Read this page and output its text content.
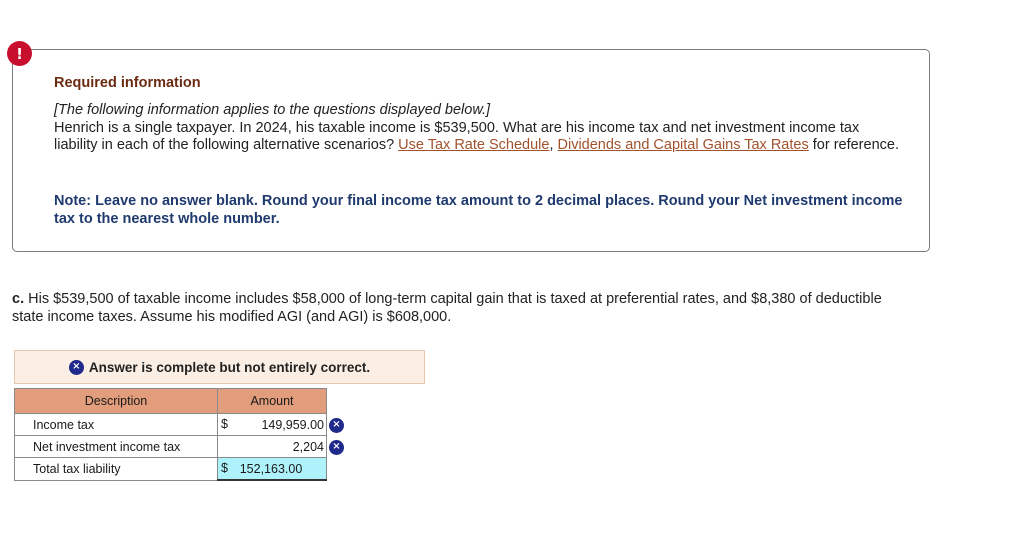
!
Required information
[The following information applies to the questions displayed below.]
Henrich is a single taxpayer. In 2024, his taxable income is $539,500. What are his income tax and net investment income tax liability in each of the following alternative scenarios? Use Tax Rate Schedule, Dividends and Capital Gains Tax Rates for reference.
Note: Leave no answer blank. Round your final income tax amount to 2 decimal places. Round your Net investment income tax to the nearest whole number.
c. His $539,500 of taxable income includes $58,000 of long-term capital gain that is taxed at preferential rates, and $8,380 of deductible state income taxes. Assume his modified AGI (and AGI) is $608,000.
× Answer is complete but not entirely correct.
Description	Amount	
Income tax	$ 149,959.00	×
Net investment income tax	2,204	×
Total tax liability	$ 152,163.00	
